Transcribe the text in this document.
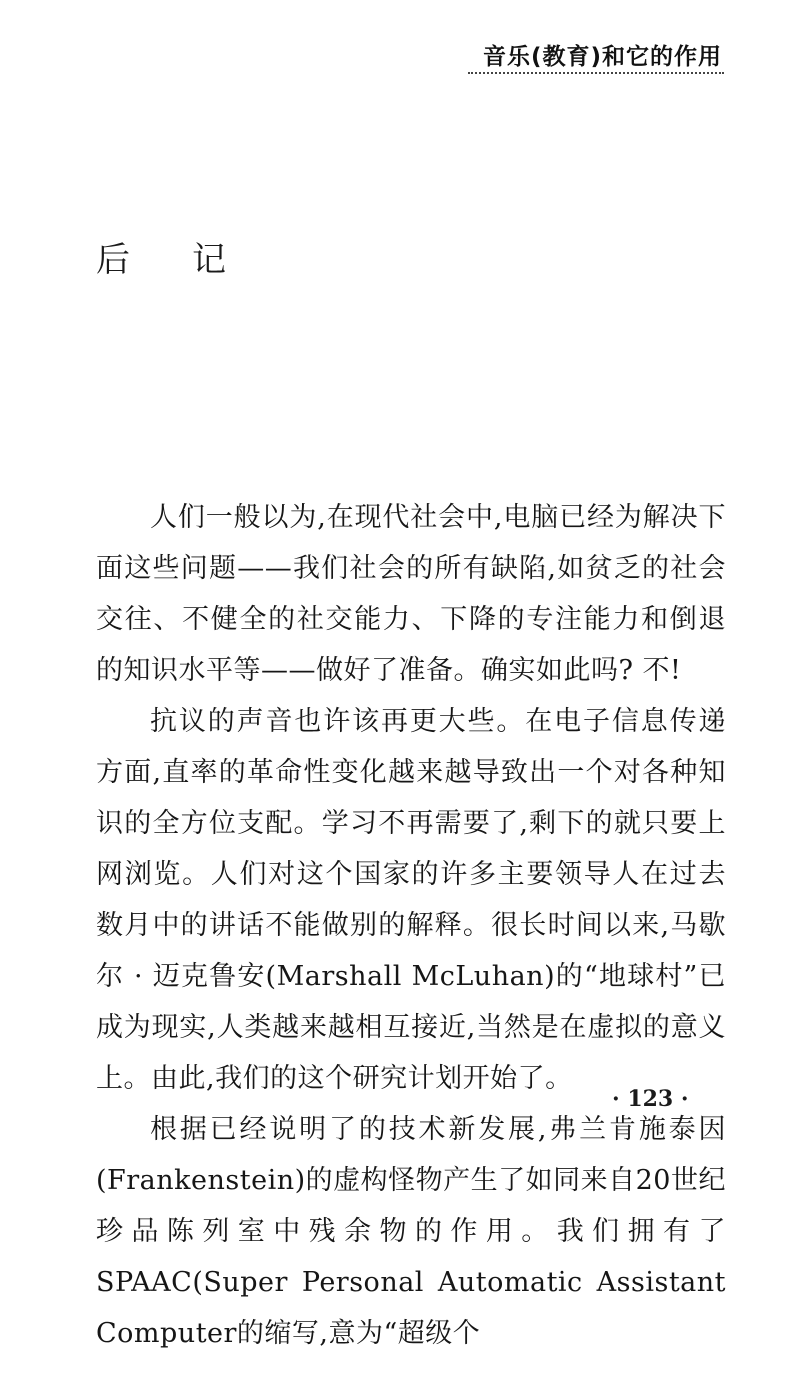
音乐(教育)和它的作用
后 记

人们一般以为,在现代社会中,电脑已经为解决下面这些问题——我们社会的所有缺陷,如贫乏的社会交往、不健全的社交能力、下降的专注能力和倒退的知识水平等——做好了准备。确实如此吗? 不!

抗议的声音也许该再更大些。在电子信息传递方面,直率的革命性变化越来越导致出一个对各种知识的全方位支配。学习不再需要了,剩下的就只要上网浏览。人们对这个国家的许多主要领导人在过去数月中的讲话不能做别的解释。很长时间以来,马歇尔 · 迈克鲁安(Marshall McLuhan)的“地球村”已成为现实,人类越来越相互接近,当然是在虚拟的意义上。由此,我们的这个研究计划开始了。

根据已经说明了的技术新发展,弗兰肯施泰因(Frankenstein)的虚构怪物产生了如同来自20世纪珍品陈列室中残余物的作用。我们拥有了SPAAC(Super Personal Automatic Assistant Computer的缩写,意为“超级个

· 123 ·
